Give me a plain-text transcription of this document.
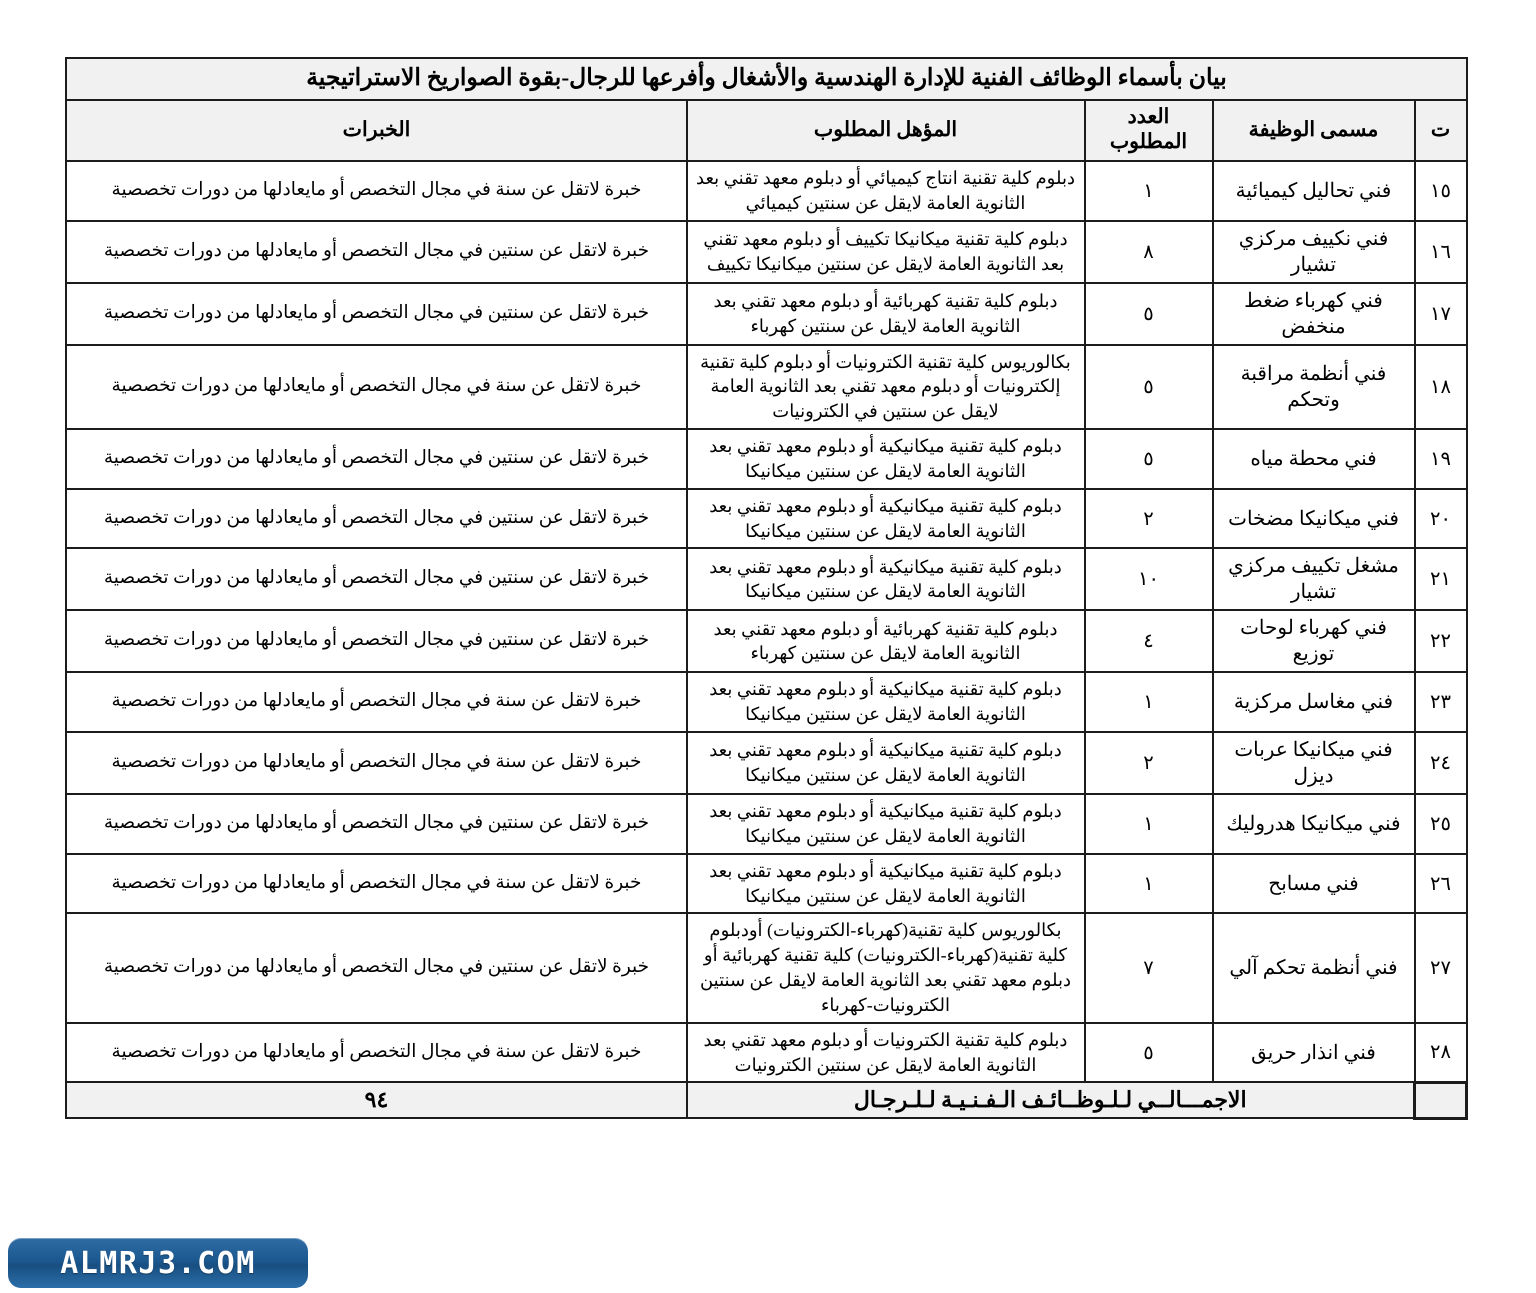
بيان بأسماء الوظائف الفنية للإدارة الهندسية والأشغال وأفرعها للرجال-بقوة الصواريخ الاستراتيجية				
ت	مسمى الوظيفة	العدد المطلوب	المؤهل المطلوب	الخبرات
١٥	فني تحاليل كيميائية	١	دبلوم كلية تقنية انتاج كيميائي أو دبلوم معهد تقني بعد الثانوية العامة لايقل عن سنتين كيميائي	خبرة لاتقل عن سنة في مجال التخصص أو مايعادلها من دورات تخصصية
١٦	فني نكييف مركزي تشيار	٨	دبلوم كلية تقنية ميكانيكا تكييف أو دبلوم معهد تقني بعد الثانوية العامة لايقل عن سنتين ميكانيكا تكييف	خبرة لاتقل عن سنتين في مجال التخصص أو مايعادلها من دورات تخصصية
١٧	فني كهرباء ضغط منخفض	٥	دبلوم كلية تقنية كهربائية أو دبلوم معهد تقني بعد الثانوية العامة لايقل عن سنتين كهرباء	خبرة لاتقل عن سنتين في مجال التخصص أو مايعادلها من دورات تخصصية
١٨	فني أنظمة مراقبة وتحكم	٥	بكالوريوس كلية تقنية الكترونيات أو دبلوم كلية تقنية إلكترونيات أو دبلوم معهد تقني بعد الثانوية العامة لايقل عن سنتين في الكترونيات	خبرة لاتقل عن سنة في مجال التخصص أو مايعادلها من دورات تخصصية
١٩	فني محطة مياه	٥	دبلوم كلية تقنية ميكانيكية أو دبلوم معهد تقني بعد الثانوية العامة لايقل عن سنتين ميكانيكا	خبرة لاتقل عن سنتين في مجال التخصص أو مايعادلها من دورات تخصصية
٢٠	فني ميكانيكا مضخات	٢	دبلوم كلية تقنية ميكانيكية أو دبلوم معهد تقني بعد الثانوية العامة لايقل عن سنتين ميكانيكا	خبرة لاتقل عن سنتين في مجال التخصص أو مايعادلها من دورات تخصصية
٢١	مشغل تكييف مركزي تشيار	١٠	دبلوم كلية تقنية ميكانيكية أو دبلوم معهد تقني بعد الثانوية العامة لايقل عن سنتين ميكانيكا	خبرة لاتقل عن سنتين في مجال التخصص أو مايعادلها من دورات تخصصية
٢٢	فني كهرباء لوحات توزيع	٤	دبلوم كلية تقنية كهربائية أو دبلوم معهد تقني بعد الثانوية العامة لايقل عن سنتين كهرباء	خبرة لاتقل عن سنتين في مجال التخصص أو مايعادلها من دورات تخصصية
٢٣	فني مغاسل مركزية	١	دبلوم كلية تقنية ميكانيكية أو دبلوم معهد تقني بعد الثانوية العامة لايقل عن سنتين ميكانيكا	خبرة لاتقل عن سنة في مجال التخصص أو مايعادلها من دورات تخصصية
٢٤	فني ميكانيكا عربات ديزل	٢	دبلوم كلية تقنية ميكانيكية أو دبلوم معهد تقني بعد الثانوية العامة لايقل عن سنتين ميكانيكا	خبرة لاتقل عن سنة في مجال التخصص أو مايعادلها من دورات تخصصية
٢٥	فني ميكانيكا هدروليك	١	دبلوم كلية تقنية ميكانيكية أو دبلوم معهد تقني بعد الثانوية العامة لايقل عن سنتين ميكانيكا	خبرة لاتقل عن سنتين في مجال التخصص أو مايعادلها من دورات تخصصية
٢٦	فني مسابح	١	دبلوم كلية تقنية ميكانيكية أو دبلوم معهد تقني بعد الثانوية العامة لايقل عن سنتين ميكانيكا	خبرة لاتقل عن سنة في مجال التخصص أو مايعادلها من دورات تخصصية
٢٧	فني أنظمة تحكم آلي	٧	بكالوريوس كلية تقنية(كهرباء-الكترونيات) أودبلوم كلية تقنية(كهرباء-الكترونيات) كلية تقنية كهربائية أو دبلوم معهد تقني بعد الثانوية العامة لايقل عن سنتين الكترونيات-كهرباء	خبرة لاتقل عن سنتين في مجال التخصص أو مايعادلها من دورات تخصصية
٢٨	فني انذار حريق	٥	دبلوم كلية تقنية الكترونيات أو دبلوم معهد تقني بعد الثانوية العامة لايقل عن سنتين الكترونيات	خبرة لاتقل عن سنة في مجال التخصص أو مايعادلها من دورات تخصصية
	الاجمـــالــي لـلـوظــائـف الـفـنـيـة لـلـرجـال			٩٤
ALMRJ3.COM
